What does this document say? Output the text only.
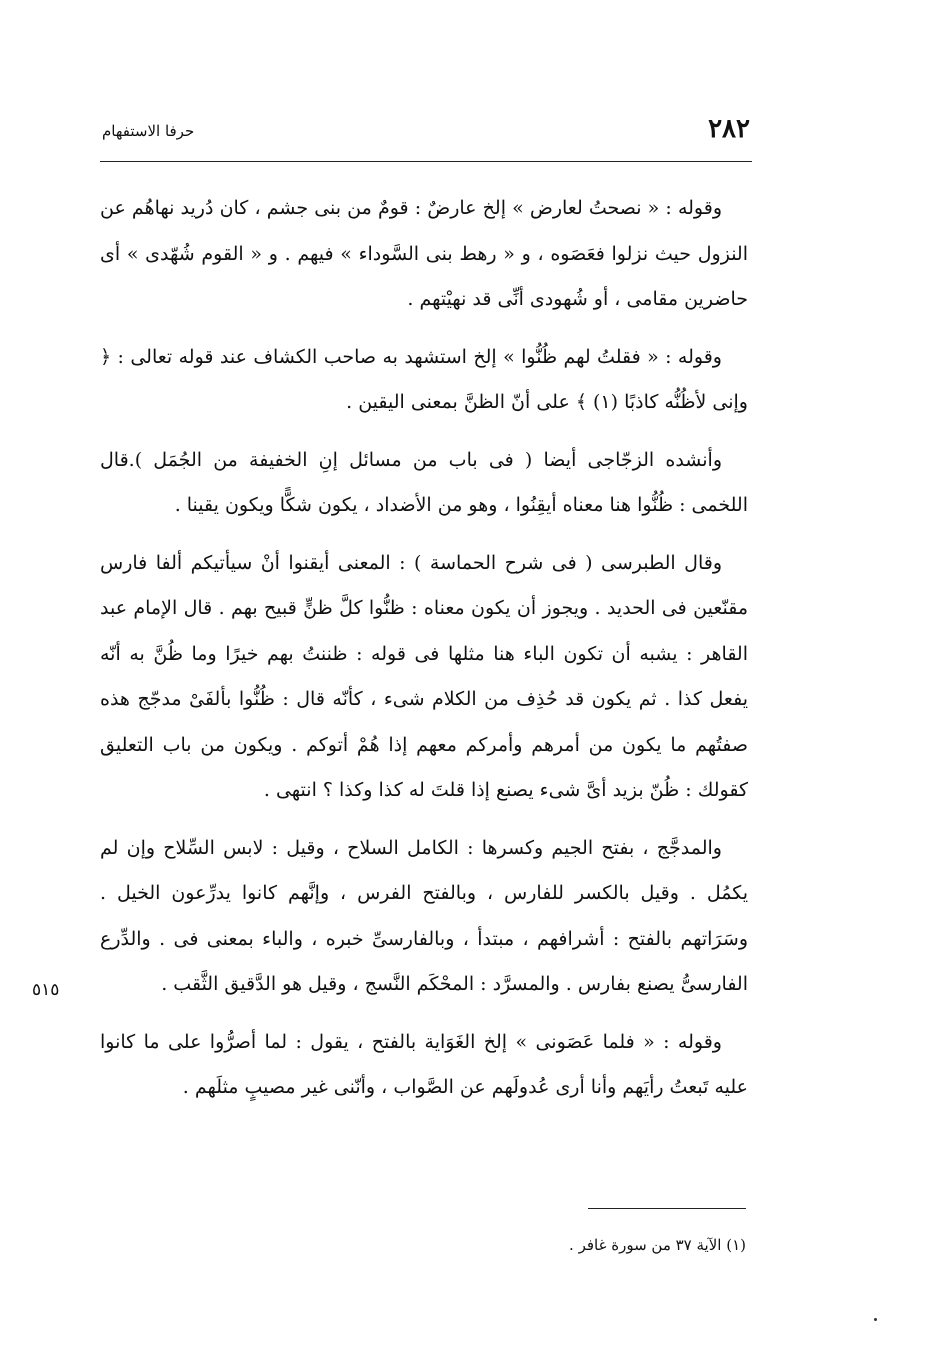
٢٨٢
حرفا الاستفهام

وقوله : « نصحتُ لعارض » إلخ عارضٌ : قومٌ من بنى جشم ، كان دُريد نهاهُم عن النزول حيث نزلوا فعَصَوه ، و « رهط بنى السَّوداء » فيهم . و « القوم شُهّدى » أى حاضرين مقامى ، أو شُهودى أنِّى قد نهيْتهم .

وقوله : « فقلتُ لهم ظُنُّوا » إلخ استشهد به صاحب الكشاف عند قوله تعالى : ﴿ وإنى لأظُنُّه كاذبًا (١) ﴾ على أنّ الظنَّ بمعنى اليقين .

وأنشده الزجّاجى أيضا ( فى باب من مسائل إنِ الخفيفة من الجُمَل ).قال اللخمى : ظُنُّوا هنا معناه أيقِنُوا ، وهو من الأضداد ، يكون شكًّا ويكون يقينا .

وقال الطبرسى ( فى شرح الحماسة ) : المعنى أيقنوا أنْ سيأتيكم ألفا فارس مقنّعين فى الحديد . ويجوز أن يكون معناه : ظنُّوا كلَّ ظنٍّ قبيح بهم . قال الإمام عبد القاهر : يشبه أن تكون الباء هنا مثلها فى قوله : ظننتُ بهم خيرًا وما ظُنَّ به أنّه يفعل كذا . ثم يكون قد حُذِف من الكلام شىء ، كأنّه قال : ظُنُّوا بألفَىْ مدجّج هذه صفتُهم ما يكون من أمرهم وأمركم معهم إذا هُمْ أتوكم . ويكون من باب التعليق كقولك : ظُنّ بزيد أىَّ شىء يصنع إذا قلتَ له كذا وكذا ؟ انتهى .

والمدجَّج ، بفتح الجيم وكسرها : الكامل السلاح ، وقيل : لابس السِّلاح وإن لم يكمُل . وقيل بالكسر للفارس ، وبالفتح الفرس ، وإنَّهم كانوا يدرِّعون الخيل . وسَرَاتهم بالفتح : أشرافهم ، مبتدأ ، وبالفارسىِّ خبره ، والباء بمعنى فى . والدِّرع الفارسىُّ يصنع بفارس . والمسرَّد : المحْكَم النَّسج ، وقيل هو الدَّقيق الثَّقب .

وقوله : « فلما عَصَونى » إلخ الغَوَاية بالفتح ، يقول : لما أصرُّوا على ما كانوا عليه تَبعتُ رأيَهم وأنا أرى عُدولَهم عن الصَّواب ، وأنّنى غير مصيبٍ مثلَهم .

٥١٥
(١) الآية ٣٧ من سورة غافر .
